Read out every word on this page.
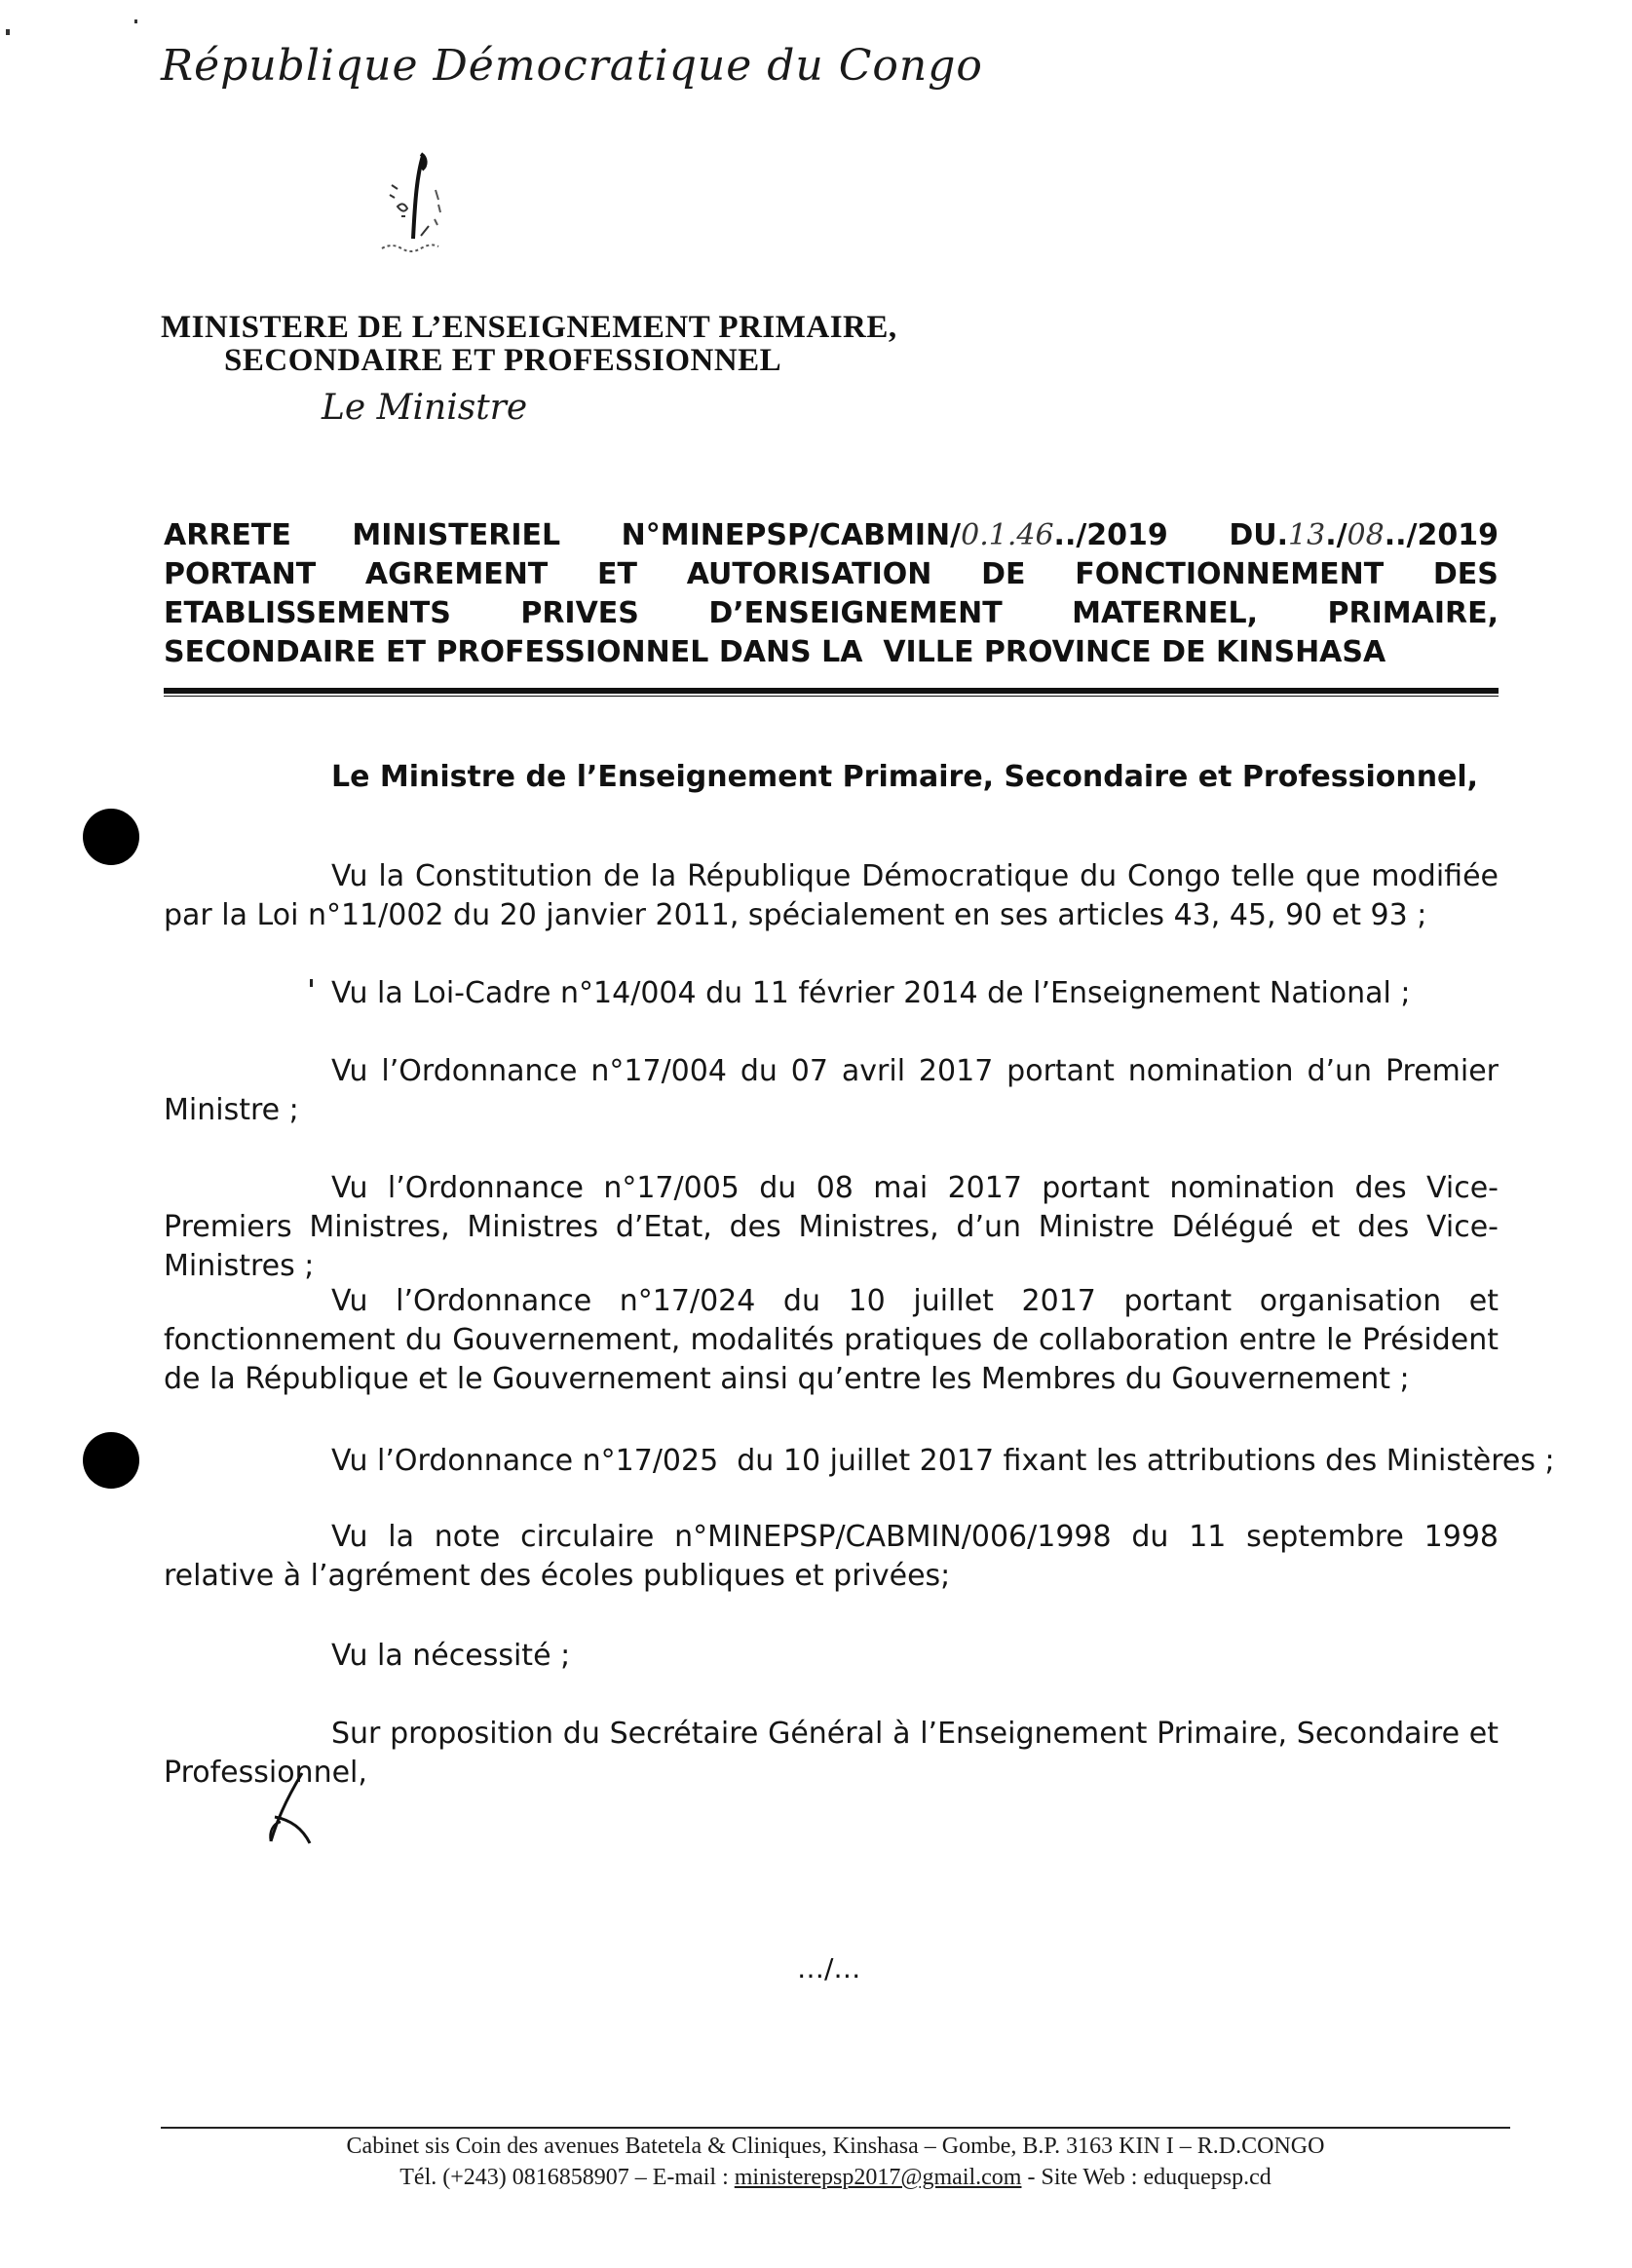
République Démocratique du Congo
MINISTERE DE L’ENSEIGNEMENT PRIMAIRE,
SECONDAIRE ET PROFESSIONNEL
Le Ministre
ARRETE MINISTERIEL N°MINEPSP/CABMIN/0.1.46../2019 DU.13./08../2019
PORTANT AGREMENT ET AUTORISATION DE FONCTIONNEMENT DES
ETABLISSEMENTS PRIVES D’ENSEIGNEMENT MATERNEL, PRIMAIRE,
SECONDAIRE ET PROFESSIONNEL DANS LA  VILLE PROVINCE DE KINSHASA
Le Ministre de l’Enseignement Primaire, Secondaire et Professionnel,

Vu la Constitution de la République Démocratique du Congo telle que modifiée par la Loi n°11/002 du 20 janvier 2011, spécialement en ses articles 43, 45, 90 et 93 ;

Vu la Loi-Cadre n°14/004 du 11 février 2014 de l’Enseignement National ;

Vu l’Ordonnance n°17/004 du 07 avril 2017 portant nomination d’un Premier Ministre ;

Vu l’Ordonnance n°17/005 du 08 mai 2017 portant nomination des Vice-Premiers Ministres, Ministres d’Etat, des Ministres, d’un Ministre Délégué et des Vice-Ministres ;

Vu l’Ordonnance n°17/024 du 10 juillet 2017 portant organisation et fonctionnement du Gouvernement, modalités pratiques de collaboration entre le Président de la République et le Gouvernement ainsi qu’entre les Membres du Gouvernement ;

Vu l’Ordonnance n°17/025  du 10 juillet 2017 fixant les attributions des Ministères ;

Vu la note circulaire n°MINEPSP/CABMIN/006/1998 du 11 septembre 1998 relative à l’agrément des écoles publiques et privées;

Vu la nécessité ;

Sur proposition du Secrétaire Général à l’Enseignement Primaire, Secondaire et Professionnel,

…/…
Cabinet sis Coin des avenues Batetela & Cliniques, Kinshasa – Gombe, B.P. 3163 KIN I – R.D.CONGO
Tél. (+243) 0816858907 – E-mail : ministerepsp2017@gmail.com - Site Web : eduquepsp.cd
